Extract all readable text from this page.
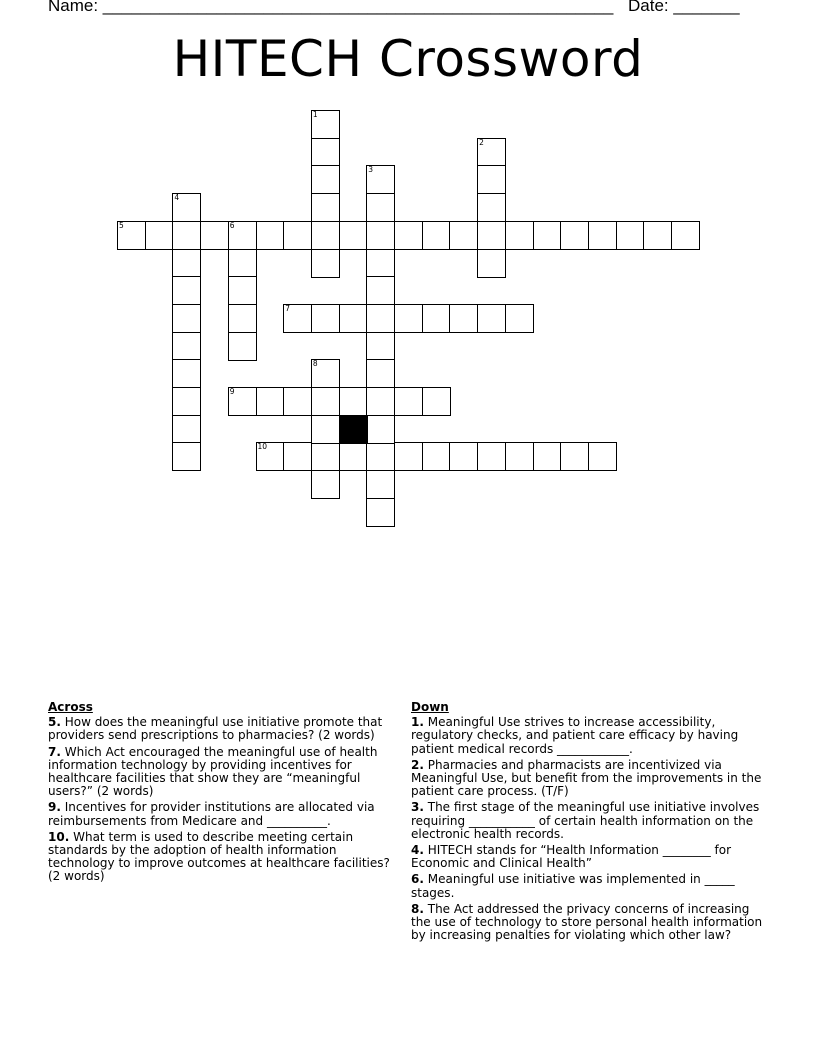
Name: ______________________________________________________ Date: _______
HITECH Crossword
5	6
7
9
10
1
2
3
4
8
Across
5. How does the meaningful use initiative promote that providers send prescriptions to pharmacies? (2 words)
7. Which Act encouraged the meaningful use of health information technology by providing incentives for healthcare facilities that show they are “meaningful users?” (2 words)
9. Incentives for provider institutions are allocated via reimbursements from Medicare and __________.
10. What term is used to describe meeting certain standards by the adoption of health information technology to improve outcomes at healthcare facilities? (2 words)
Down
1. Meaningful Use strives to increase accessibility, regulatory checks, and patient care efficacy by having patient medical records ____________.
2. Pharmacies and pharmacists are incentivized via Meaningful Use, but benefit from the improvements in the patient care process. (T/F)
3. The first stage of the meaningful use initiative involves requiring ___________ of certain health information on the electronic health records.
4. HITECH stands for “Health Information ________ for Economic and Clinical Health”
6. Meaningful use initiative was implemented in _____ stages.
8. The Act addressed the privacy concerns of increasing the use of technology to store personal health information by increasing penalties for violating which other law?
